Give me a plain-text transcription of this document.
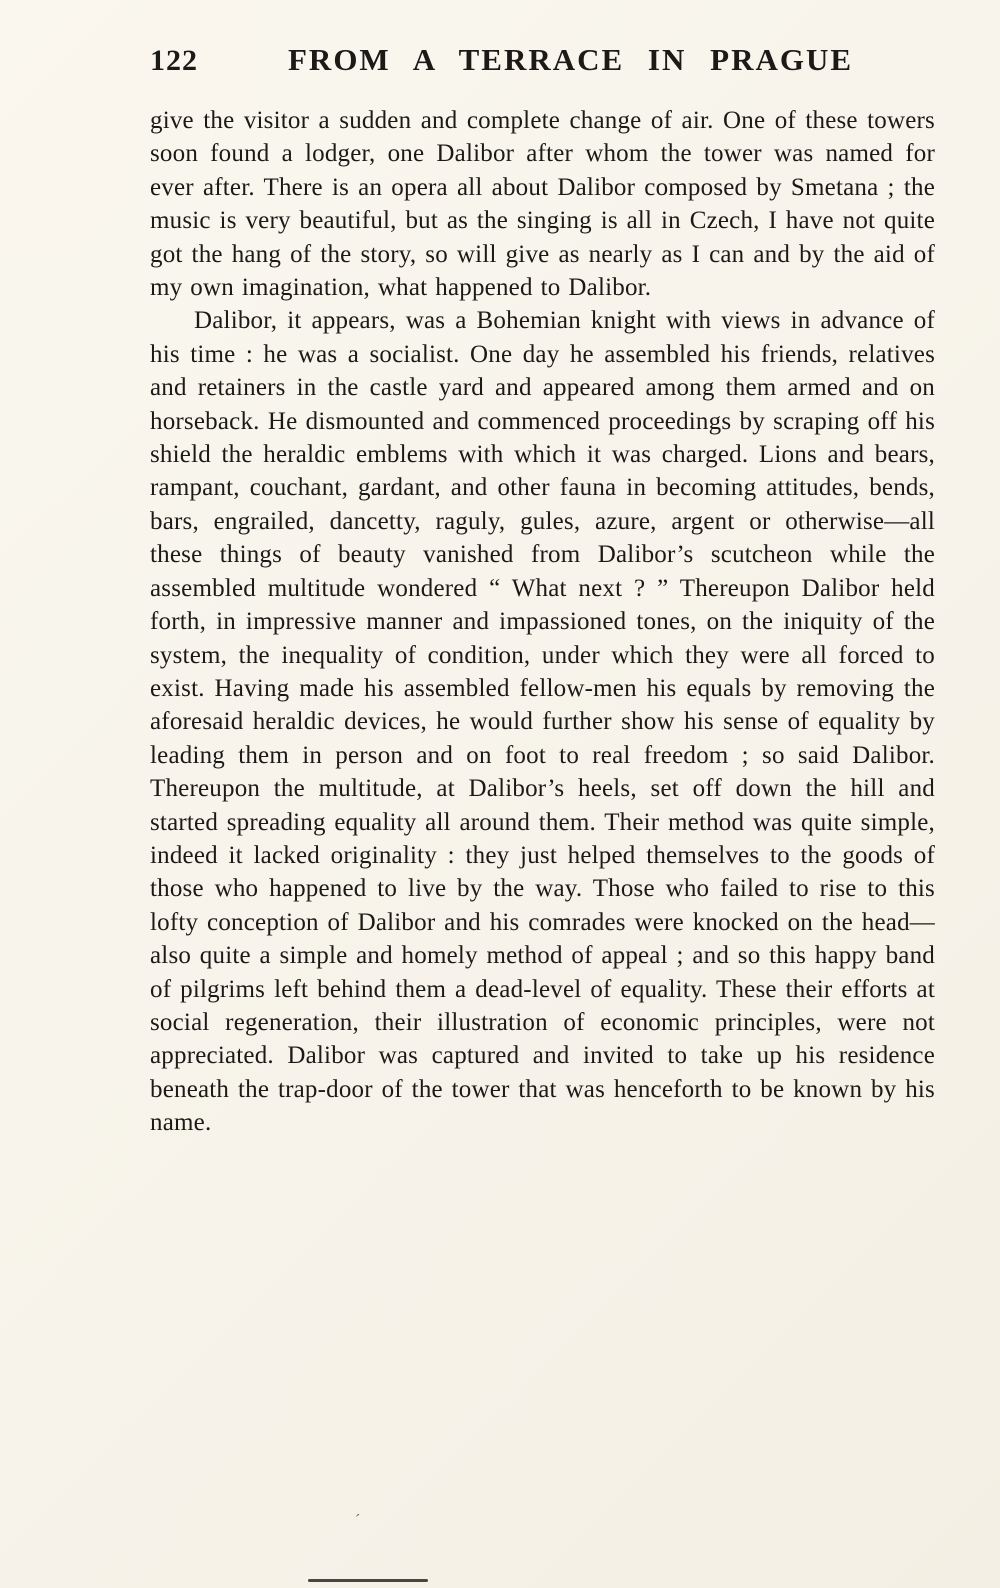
122	FROM A TERRACE IN PRAGUE

give the visitor a sudden and complete change of air. One of these towers soon found a lodger, one Dalibor after whom the tower was named for ever after. There is an opera all about Dalibor composed by Smetana ; the music is very beautiful, but as the singing is all in Czech, I have not quite got the hang of the story, so will give as nearly as I can and by the aid of my own imagination, what happened to Dalibor.

Dalibor, it appears, was a Bohemian knight with views in advance of his time : he was a socialist. One day he assembled his friends, relatives and retainers in the castle yard and appeared among them armed and on horseback. He dismounted and commenced proceedings by scraping off his shield the heraldic emblems with which it was charged. Lions and bears, rampant, couchant, gardant, and other fauna in becoming attitudes, bends, bars, engrailed, dancetty, raguly, gules, azure, argent or otherwise—all these things of beauty vanished from Dalibor’s scutcheon while the assembled multitude wondered “ What next ? ” Thereupon Dalibor held forth, in impressive manner and impassioned tones, on the iniquity of the system, the inequality of condition, under which they were all forced to exist. Having made his assembled fellow-men his equals by removing the aforesaid heraldic devices, he would further show his sense of equality by leading them in person and on foot to real freedom ; so said Dalibor. Thereupon the multitude, at Dalibor’s heels, set off down the hill and started spreading equality all around them. Their method was quite simple, indeed it lacked originality : they just helped themselves to the goods of those who happened to live by the way. Those who failed to rise to this lofty conception of Dalibor and his comrades were knocked on the head—also quite a simple and homely method of appeal ; and so this happy band of pilgrims left behind them a dead-level of equality. These their efforts at social regeneration, their illustration of economic principles, were not appreciated. Dalibor was captured and invited to take up his residence beneath the trap-door of the tower that was henceforth to be known by his name.

´
